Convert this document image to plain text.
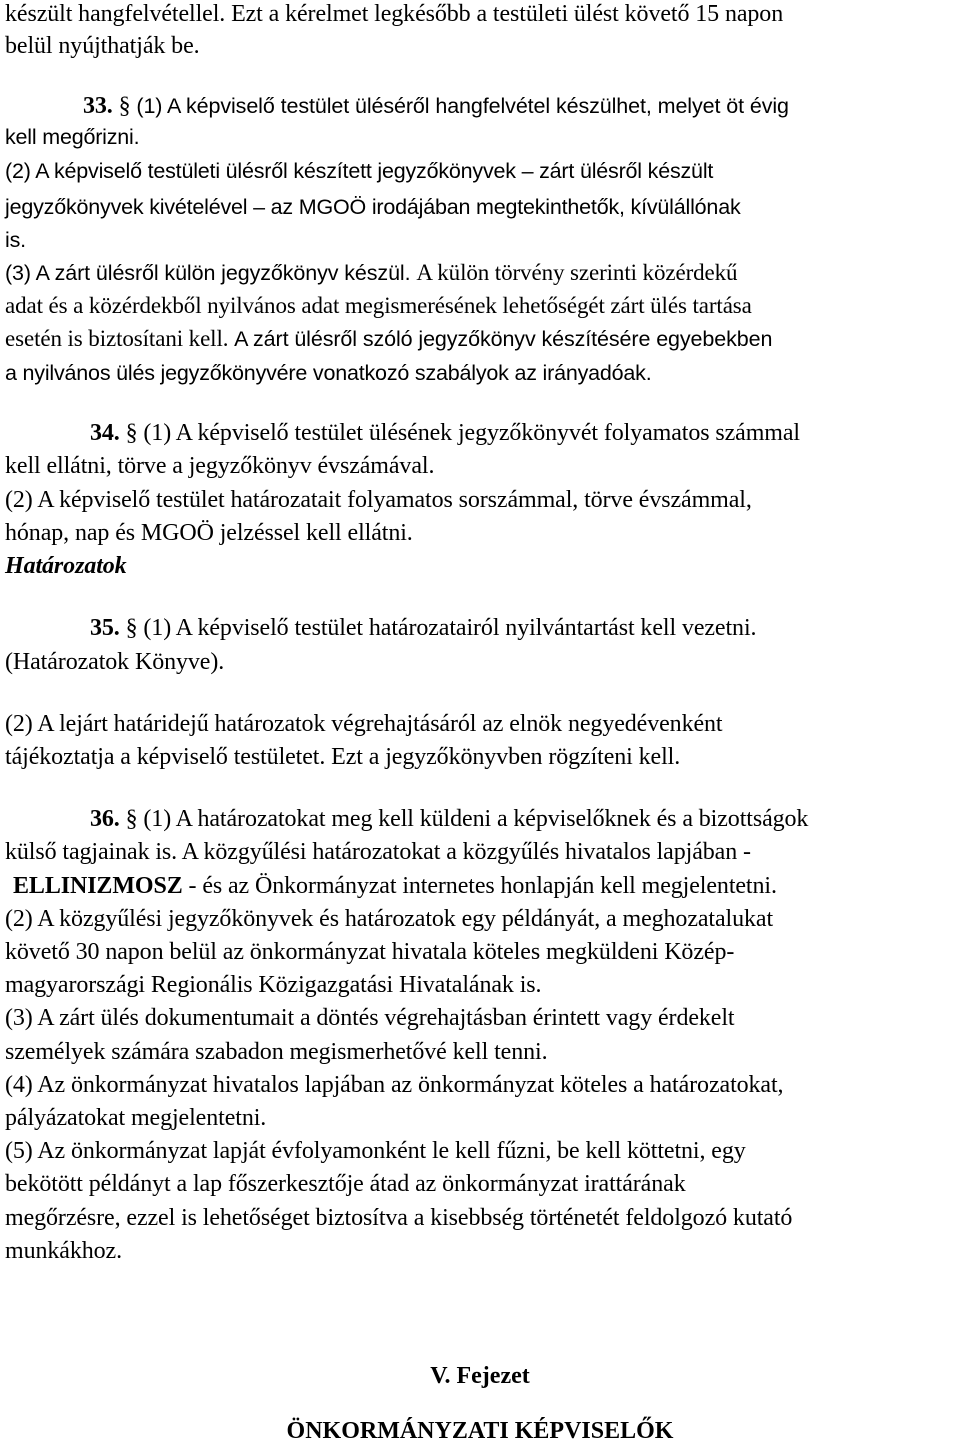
készült hangfelvétellel. Ezt a kérelmet legkésőbb a testületi ülést követő 15 napon
belül nyújthatják be.
33. § (1) A képviselő testület üléséről hangfelvétel készülhet, melyet öt évig
kell megőrizni.
(2) A képviselő testületi ülésről készített jegyzőkönyvek – zárt ülésről készült
jegyzőkönyvek kivételével – az MGOÖ irodájában megtekinthetők, kívülállónak
is.
(3) A zárt ülésről külön jegyzőkönyv készül. A külön törvény szerinti közérdekű
adat és a közérdekből nyilvános adat megismerésének lehetőségét zárt ülés tartása
esetén is biztosítani kell. A zárt ülésről szóló jegyzőkönyv készítésére egyebekben
a nyilvános ülés jegyzőkönyvére vonatkozó szabályok az irányadóak.
34. § (1) A képviselő testület ülésének jegyzőkönyvét folyamatos számmal
kell ellátni, törve a jegyzőkönyv évszámával.
(2) A képviselő testület határozatait folyamatos sorszámmal, törve évszámmal,
hónap, nap és MGOÖ jelzéssel kell ellátni.
Határozatok
35. § (1) A képviselő testület határozatairól nyilvántartást kell vezetni.
(Határozatok Könyve).
(2) A lejárt határidejű határozatok végrehajtásáról az elnök negyedévenként
tájékoztatja a képviselő testületet. Ezt a jegyzőkönyvben rögzíteni kell.
36. § (1) A határozatokat meg kell küldeni a képviselőknek és a bizottságok
külső tagjainak is. A közgyűlési határozatokat a közgyűlés hivatalos lapjában -
ELLINIZMOSZ - és az Önkormányzat internetes honlapján kell megjelentetni.
(2) A közgyűlési jegyzőkönyvek és határozatok egy példányát, a meghozatalukat
követő 30 napon belül az önkormányzat hivatala köteles megküldeni Közép-
magyarországi Regionális Közigazgatási Hivatalának is.
(3) A zárt ülés dokumentumait a döntés végrehajtásban érintett vagy érdekelt
személyek számára szabadon megismerhetővé kell tenni.
(4) Az önkormányzat hivatalos lapjában az önkormányzat köteles a határozatokat,
pályázatokat megjelentetni.
(5) Az önkormányzat lapját évfolyamonként le kell fűzni, be kell köttetni, egy
bekötött példányt a lap főszerkesztője átad az önkormányzat irattárának
megőrzésre, ezzel is lehetőséget biztosítva a kisebbség történetét feldolgozó kutató
munkákhoz.
V. Fejezet
ÖNKORMÁNYZATI KÉPVISELŐK
